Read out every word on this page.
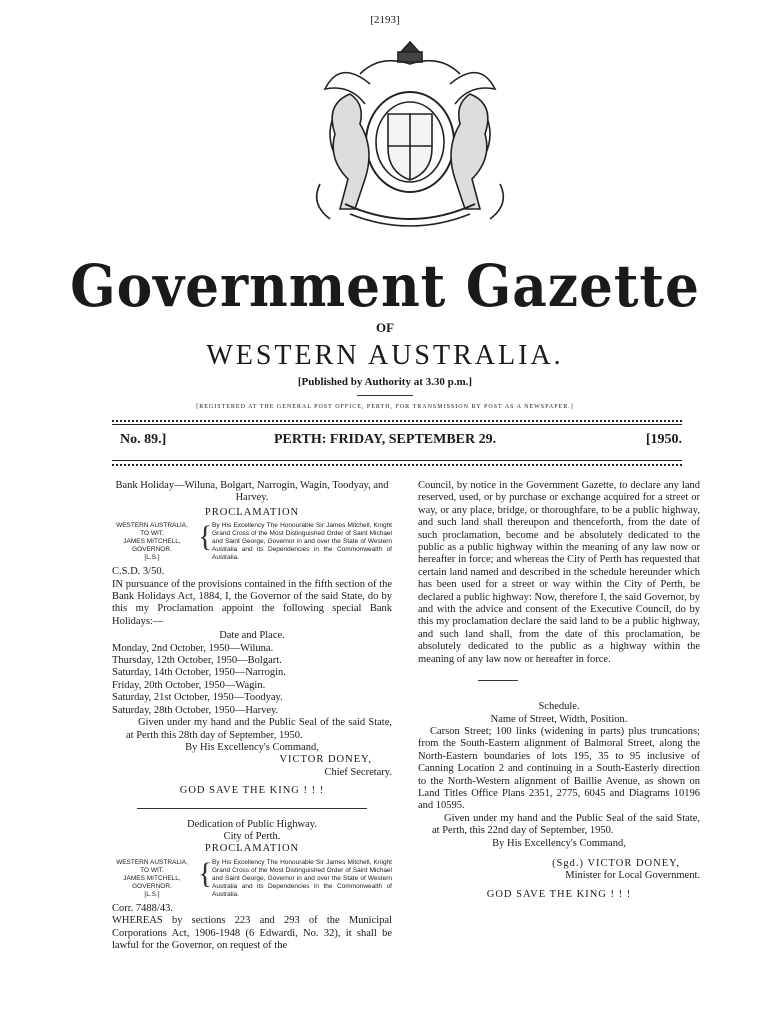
[2193]
Government Gazette
OF
WESTERN AUSTRALIA.
[Published by Authority at 3.30 p.m.]
[REGISTERED AT THE GENERAL POST OFFICE, PERTH, FOR TRANSMISSION BY POST AS A NEWSPAPER.]
No. 89.]	PERTH: FRIDAY, SEPTEMBER 29.	[1950.

Bank Holiday—Wiluna, Bolgart, Narrogin, Wagin, Toodyay, and Harvey.

PROCLAMATION

WESTERN AUSTRALIA,
TO WIT.
JAMES MITCHELL,
GOVERNOR.
[L.S.]
{ By His Excellency The Honourable Sir James Mitchell, Knight Grand Cross of the Most Distinguished Order of Saint Michael and Saint George, Governor in and over the State of Western Australia and its Dependencies in the Commonwealth of Australia.

C.S.D. 3/50.

IN pursuance of the provisions contained in the fifth section of the Bank Holidays Act, 1884, I, the Governor of the said State, do by this my Proclamation appoint the following special Bank Holidays:—

Date and Place.

Monday, 2nd October, 1950—Wiluna.

Thursday, 12th October, 1950—Bolgart.

Saturday, 14th October, 1950—Narrogin.

Friday, 20th October, 1950—Wagin.

Saturday, 21st October, 1950—Toodyay.

Saturday, 28th October, 1950—Harvey.

Given under my hand and the Public Seal of the said State, at Perth this 28th day of September, 1950.

By His Excellency's Command,

VICTOR DONEY,

Chief Secretary.

GOD SAVE THE KING ! ! !

Dedication of Public Highway.

City of Perth.

PROCLAMATION

WESTERN AUSTRALIA,
TO WIT.
JAMES MITCHELL,
GOVERNOR.
[L.S.]
{ By His Excellency The Honourable Sir James Mitchell, Knight Grand Cross of the Most Distinguished Order of Saint Michael and Saint George, Governor in and over the State of Western Australia and its Dependencies in the Commonwealth of Australia.

Corr. 7488/43.

WHEREAS by sections 223 and 293 of the Municipal Corporations Act, 1906-1948 (6 Edwardi, No. 32), it shall be lawful for the Governor, on request of the

Council, by notice in the Government Gazette, to declare any land reserved, used, or by purchase or exchange acquired for a street or way, or any place, bridge, or thoroughfare, to be a public highway, and such land shall thereupon and thenceforth, from the date of such proclamation, become and be absolutely dedicated to the public as a public highway within the meaning of any law now or hereafter in force; and whereas the City of Perth has requested that certain land named and described in the schedule hereunder which has been used for a street or way within the City of Perth, be declared a public highway: Now, therefore I, the said Governor, by and with the advice and consent of the Executive Council, do by this my proclamation declare the said land to be a public highway, and such land shall, from the date of this proclamation, be absolutely dedicated to the public as a highway within the meaning of any law now or hereafter in force.

Schedule.

Name of Street, Width, Position.

Carson Street; 100 links (widening in parts) plus truncations; from the South-Eastern alignment of Balmoral Street, along the North-Eastern boundaries of lots 195, 35 to 95 inclusive of Canning Location 2 and continuing in a South-Easterly direction to the North-Western alignment of Baillie Avenue, as shown on Land Titles Office Plans 2351, 2775, 6045 and Diagrams 10196 and 10595.

Given under my hand and the Public Seal of the said State, at Perth, this 22nd day of September, 1950.

By His Excellency's Command,

(Sgd.) VICTOR DONEY,

Minister for Local Government.

GOD SAVE THE KING ! ! !
